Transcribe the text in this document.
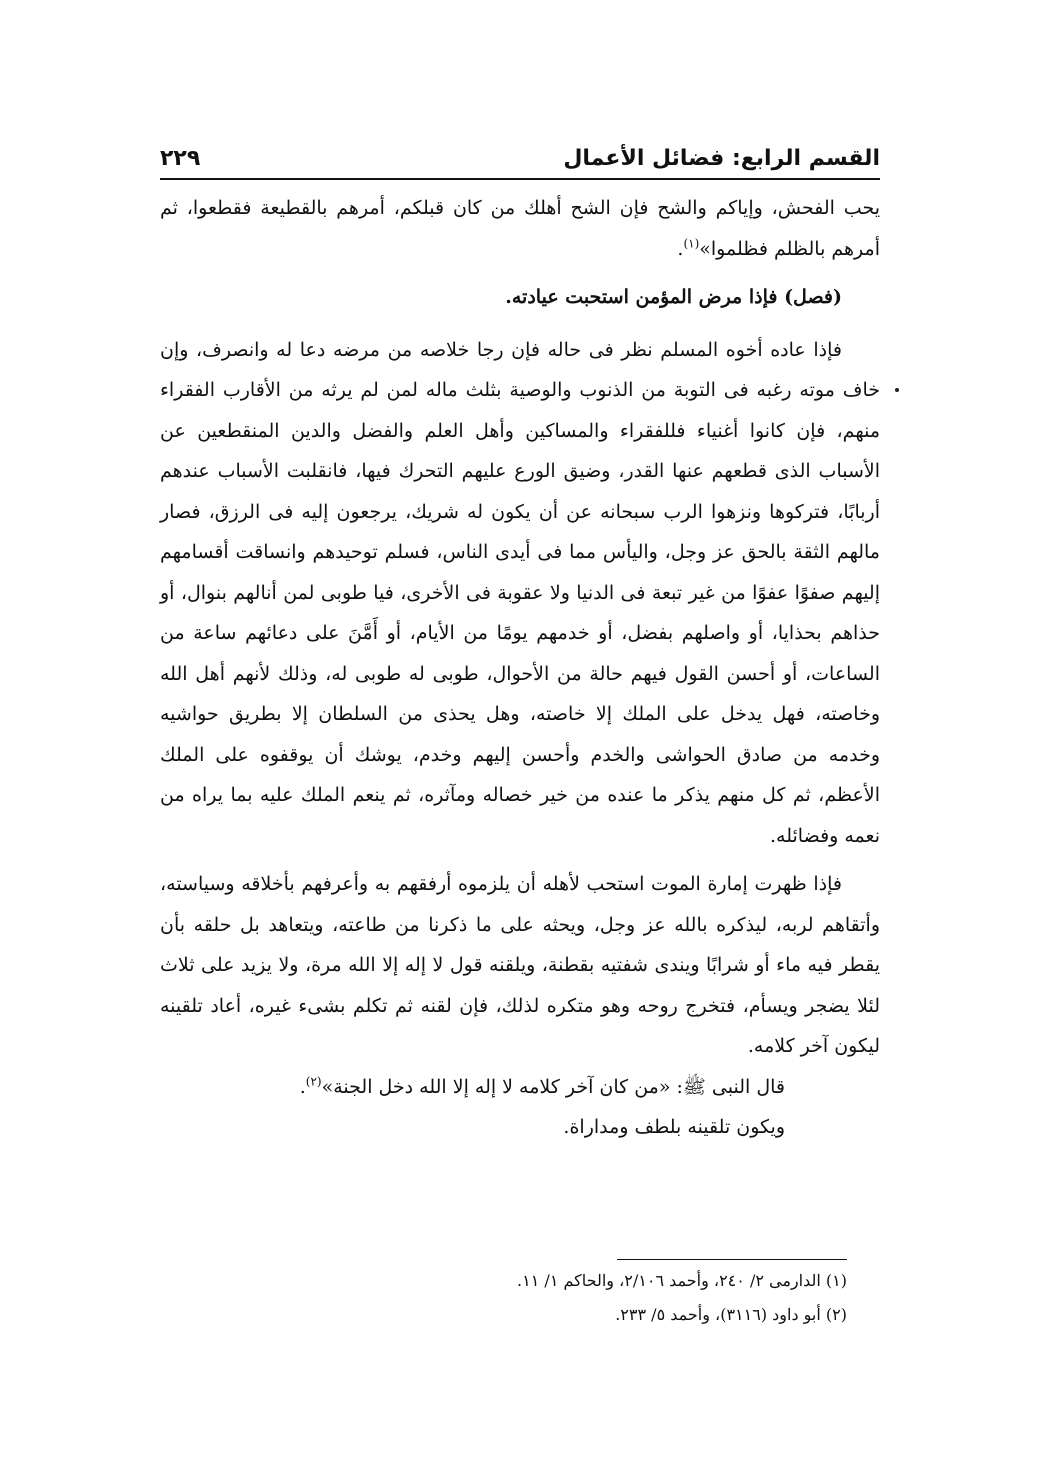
القسم الرابع: فضائل الأعمال
٢٢٩

يحب الفحش، وإياكم والشح فإن الشح أهلك من كان قبلكم، أمرهم بالقطيعة فقطعوا، ثم أمرهم بالظلم فظلموا»$^{(١)}$.

(فصل) فإذا مرض المؤمن استحبت عيادته.

فإذا عاده أخوه المسلم نظر فى حاله فإن رجا خلاصه من مرضه دعا له وانصرف، وإن خاف موته رغبه فى التوبة من الذنوب والوصية بثلث ماله لمن لم يرثه من الأقارب الفقراء منهم، فإن كانوا أغنياء فللفقراء والمساكين وأهل العلم والفضل والدين المنقطعين عن الأسباب الذى قطعهم عنها القدر، وضيق الورع عليهم التحرك فيها، فانقلبت الأسباب عندهم أربابًا، فتركوها ونزهوا الرب سبحانه عن أن يكون له شريك، يرجعون إليه فى الرزق، فصار مالهم الثقة بالحق عز وجل، واليأس مما فى أيدى الناس، فسلم توحيدهم وانساقت أقسامهم إليهم صفوًا عفوًا من غير تبعة فى الدنيا ولا عقوبة فى الأخرى، فيا طوبى لمن أنالهم بنوال، أو حذاهم بحذايا، أو واصلهم بفضل، أو خدمهم يومًا من الأيام، أو أَمَّنَ على دعائهم ساعة من الساعات، أو أحسن القول فيهم حالة من الأحوال، طوبى له طوبى له، وذلك لأنهم أهل الله وخاصته، فهل يدخل على الملك إلا خاصته، وهل يحذى من السلطان إلا بطريق حواشيه وخدمه من صادق الحواشى والخدم وأحسن إليهم وخدم، يوشك أن يوقفوه على الملك الأعظم، ثم كل منهم يذكر ما عنده من خير خصاله ومآثره، ثم ينعم الملك عليه بما يراه من نعمه وفضائله.

فإذا ظهرت إمارة الموت استحب لأهله أن يلزموه أرفقهم به وأعرفهم بأخلاقه وسياسته، وأتقاهم لربه، ليذكره بالله عز وجل، ويحثه على ما ذكرنا من طاعته، ويتعاهد بل حلقه بأن يقطر فيه ماء أو شرابًا ويندى شفتيه بقطنة، ويلقنه قول لا إله إلا الله مرة، ولا يزيد على ثلاث لئلا يضجر ويسأم، فتخرج روحه وهو متكره لذلك، فإن لقنه ثم تكلم بشىء غيره، أعاد تلقينه ليكون آخر كلامه.

قال النبى ﷺ: «من كان آخر كلامه لا إله إلا الله دخل الجنة»$^{(٢)}$.

ويكون تلقينه بلطف ومداراة.

(١) الدارمى ٢/ ٢٤٠، وأحمد ٢/١٠٦، والحاكم ١/ ١١.

(٢) أبو داود (٣١١٦)، وأحمد ٥/ ٢٣٣.
